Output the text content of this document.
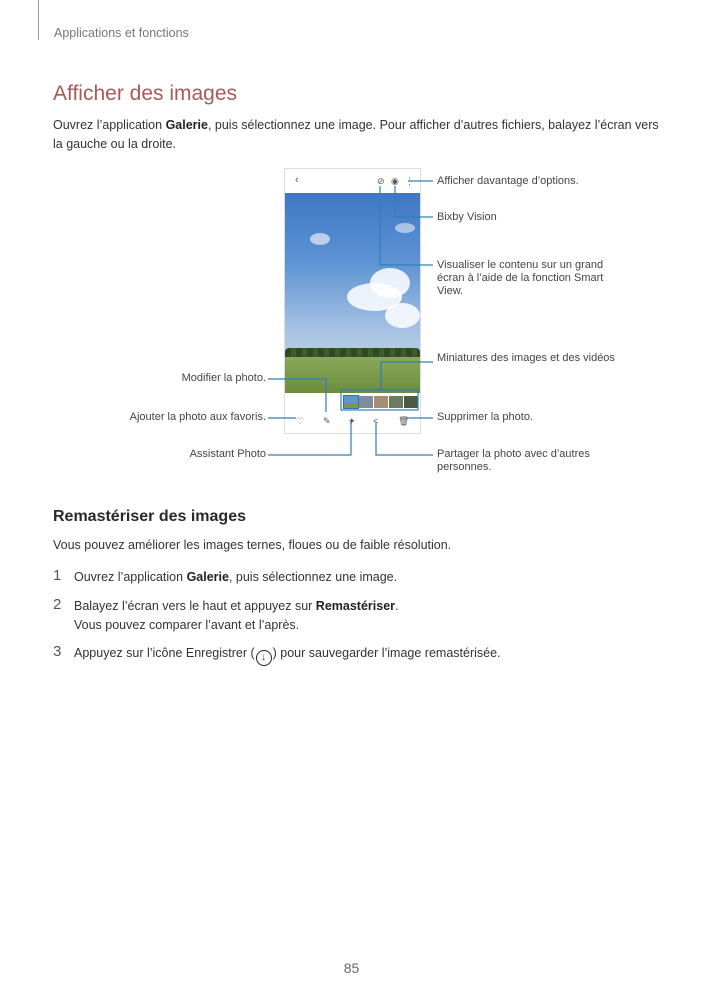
Applications et fonctions
Afficher des images

Ouvrez l’application Galerie, puis sélectionnez une image. Pour afficher d’autres fichiers, balayez l’écran vers la gauche ou la droite.

‹	⊘ ◉ ⋮
♡ ✎ ✦ < 🗑
Afficher davantage d’options.
Bixby Vision
Visualiser le contenu sur un grand écran à l’aide de la fonction Smart View.
Miniatures des images et des vidéos
Modifier la photo.
Ajouter la photo aux favoris.	Supprimer la photo.
Assistant Photo	Partager la photo avec d’autres personnes.
Remastériser des images

Vous pouvez améliorer les images ternes, floues ou de faible résolution.

1 Ouvrez l’application Galerie, puis sélectionnez une image.
2 Balayez l’écran vers le haut et appuyez sur Remastériser.
Vous pouvez comparer l’avant et l’après.
3 Appuyez sur l’icône Enregistrer ( ↓ ) pour sauvegarder l’image remastérisée.
85
